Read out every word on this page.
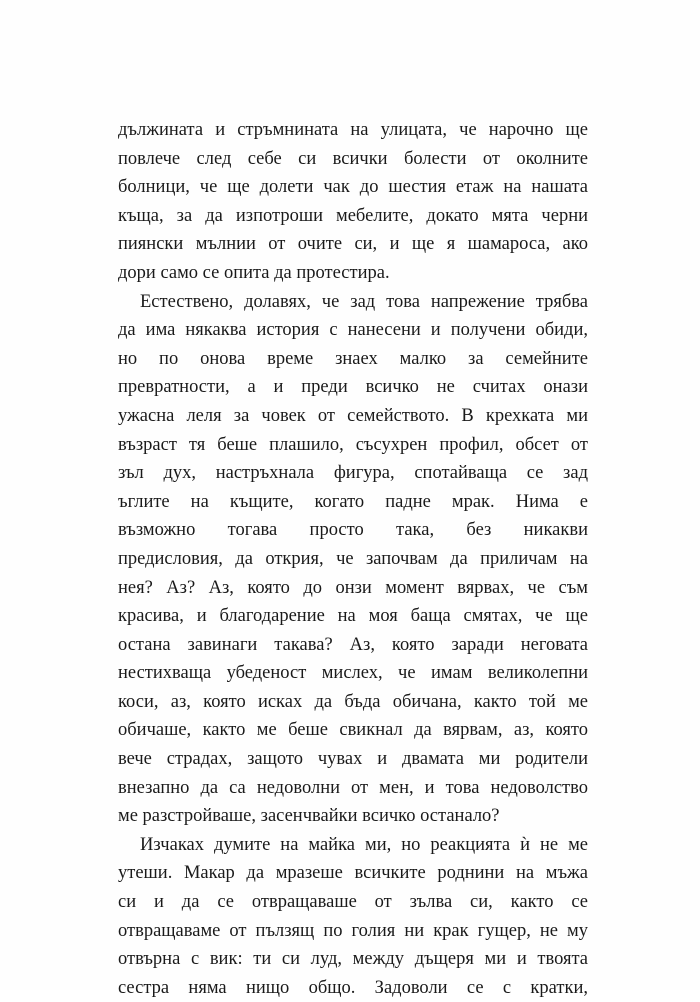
дължината и стръмнината на улицата, че нарочно ще
повлече след себе си всички болести от околните
болници, че ще долети чак до шестия етаж на нашата
къща, за да изпотроши мебелите, докато мята черни
пиянски мълнии от очите си, и ще я шамароса, ако
дори само се опита да протестира.

Естествено, долавях, че зад това напрежение трябва
да има някаква история с нанесени и получени обиди,
но по онова време знаех малко за семейните
превратности, а и преди всичко не считах онази
ужасна леля за човек от семейството. В крехката ми
възраст тя беше плашило, съсухрен профил, обсет от
зъл дух, настръхнала фигура, спотайваща се зад
ъглите на къщите, когато падне мрак. Нима е
възможно тогава просто така, без никакви
предисловия, да открия, че започвам да приличам на
нея? Аз? Аз, която до онзи момент вярвах, че съм
красива, и благодарение на моя баща смятах, че ще
остана завинаги такава? Аз, която заради неговата
нестихваща убеденост мислех, че имам великолепни
коси, аз, която исках да бъда обичана, както той ме
обичаше, както ме беше свикнал да вярвам, аз, която
вече страдах, защото чувах и двамата ми родители
внезапно да са недоволни от мен, и това недоволство
ме разстройваше, засенчвайки всичко останало?

Изчаках думите на майка ми, но реакцията ѝ не ме
утеши. Макар да мразеше всичките роднини на мъжа
си и да се отвращаваше от зълва си, както се
отвращаваме от пълзящ по голия ни крак гущер, не му
отвърна с вик: ти си луд, между дъщеря ми и твоята
сестра няма нищо общо. Задоволи се с кратки,
